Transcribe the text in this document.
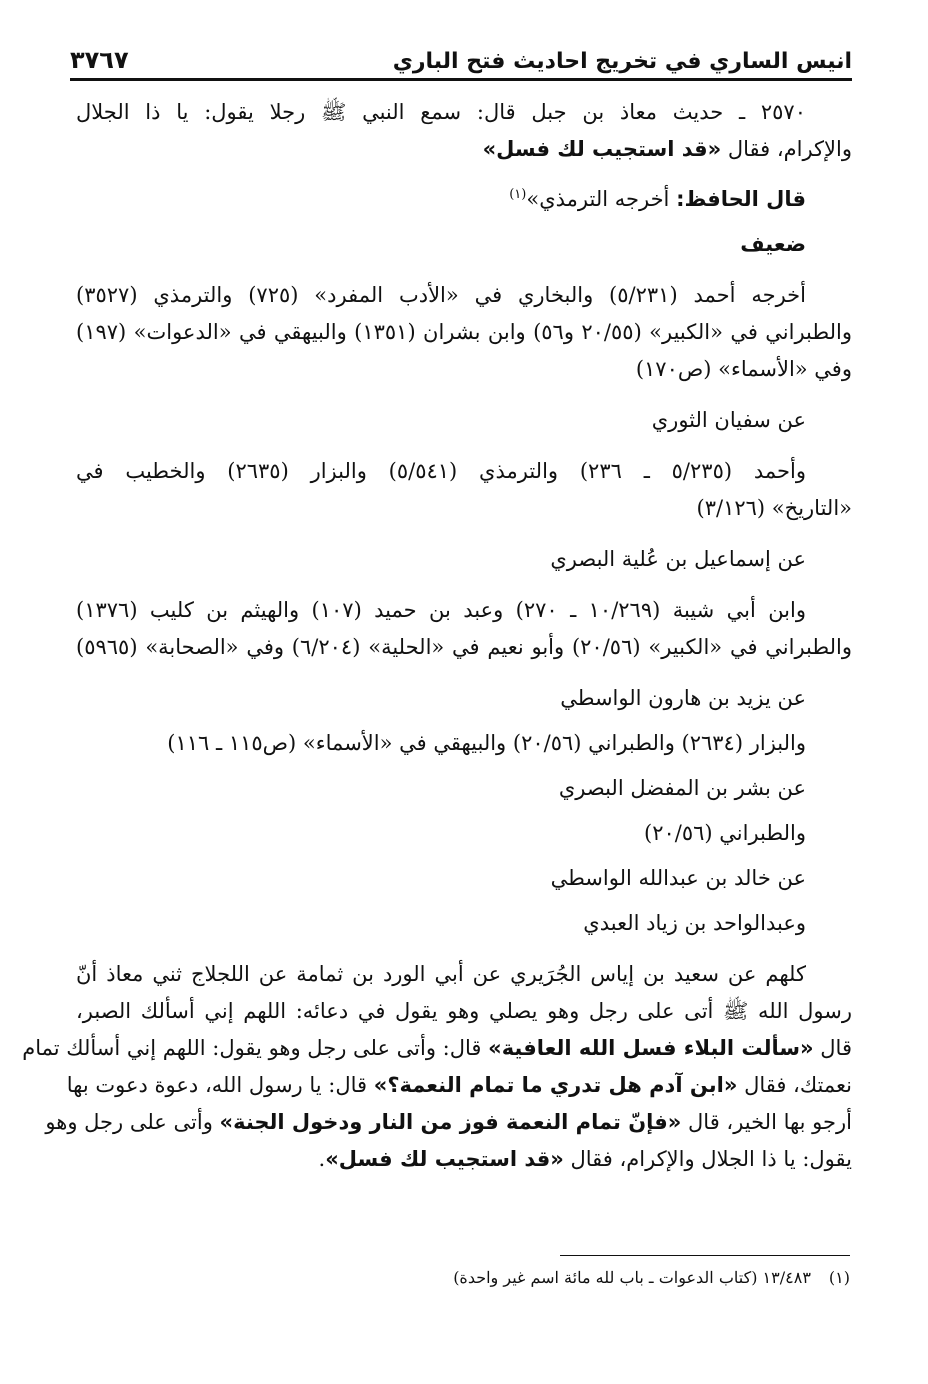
انيس الساري في تخريج احاديث فتح الباري
٣٧٦٧
٢٥٧٠ ـ حديث معاذ بن جبل قال: سمع النبي ﷺ رجلا يقول: يا ذا الجلال
والإكرام، فقال «قد استجيب لك فسل»
قال الحافظ: أخرجه الترمذي»$^{(١)}$
ضعيف
أخرجه أحمد (٥/٢٣١) والبخاري في «الأدب المفرد» (٧٢٥) والترمذي (٣٥٢٧)
والطبراني في «الكبير» (٢٠/٥٥ و٥٦) وابن بشران (١٣٥١) والبيهقي في «الدعوات» (١٩٧)
وفي «الأسماء» (ص١٧٠)
عن سفيان الثوري
وأحمد (٥/٢٣٥ ـ ٢٣٦) والترمذي (٥/٥٤١) والبزار (٢٦٣٥) والخطيب في
«التاريخ» (٣/١٢٦)
عن إسماعيل بن عُلية البصري
وابن أبي شيبة (١٠/٢٦٩ ـ ٢٧٠) وعبد بن حميد (١٠٧) والهيثم بن كليب (١٣٧٦)
والطبراني في «الكبير» (٢٠/٥٦) وأبو نعيم في «الحلية» (٦/٢٠٤) وفي «الصحابة» (٥٩٦٥)
عن يزيد بن هارون الواسطي
والبزار (٢٦٣٤) والطبراني (٢٠/٥٦) والبيهقي في «الأسماء» (ص١١٥ ـ ١١٦)
عن بشر بن المفضل البصري
والطبراني (٢٠/٥٦)
عن خالد بن عبدالله الواسطي
وعبدالواحد بن زياد العبدي
كلهم عن سعيد بن إياس الجُرَيري عن أبي الورد بن ثمامة عن اللجلاج ثني معاذ أنّ
رسول الله ﷺ أتى على رجل وهو يصلي وهو يقول في دعائه: اللهم إني أسألك الصبر،
قال «سألت البلاء فسل الله العافية» قال: وأتى على رجل وهو يقول: اللهم إني أسألك تمام
نعمتك، فقال «ابن آدم هل تدري ما تمام النعمة؟» قال: يا رسول الله، دعوة دعوت بها
أرجو بها الخير، قال «فإنّ تمام النعمة فوز من النار ودخول الجنة» وأتى على رجل وهو
يقول: يا ذا الجلال والإكرام، فقال «قد استجيب لك فسل».
(١)١٣/٤٨٣ (كتاب الدعوات ـ باب لله مائة اسم غير واحدة)
